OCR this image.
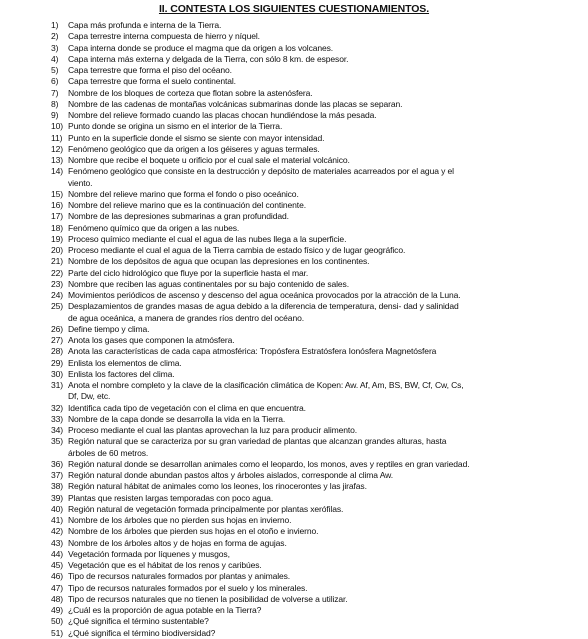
II. CONTESTA LOS SIGUIENTES CUESTIONAMIENTOS.
1)	Capa más profunda e interna de la Tierra.
2)	Capa terrestre interna compuesta de hierro y níquel.
3)	Capa interna donde se produce el magma que da origen a los volcanes.
4)	Capa interna más externa y delgada de la Tierra, con sólo 8 km. de espesor.
5)	Capa terrestre que forma el piso del océano.
6)	Capa terrestre que forma el suelo continental.
7)	Nombre de los bloques de corteza que flotan sobre la astenósfera.
8)	Nombre de las cadenas de montañas volcánicas submarinas donde las placas se separan.
9)	Nombre del relieve formado cuando las placas chocan hundiéndose la más pesada.
10) Punto donde se origina un sismo en el interior de la Tierra.
11) Punto en la superficie donde el sismo se siente con mayor intensidad.
12) Fenómeno geológico que da origen a los géiseres y aguas termales.
13) Nombre que recibe el boquete u orificio por el cual sale el material volcánico.
14) Fenómeno geológico que consiste en la destrucción y depósito de materiales acarreados por el agua y el
viento.
15) Nombre del relieve marino que forma el fondo o piso oceánico.
16) Nombre del relieve marino que es la continuación del continente.
17) Nombre de las depresiones submarinas a gran profundidad.
18) Fenómeno químico que da origen a las nubes.
19) Proceso químico mediante el cual el agua de las nubes llega a la superficie.
20) Proceso mediante el cual el agua de la Tierra cambia de estado físico y de lugar geográfico.
21) Nombre de los depósitos de agua que ocupan las depresiones en los continentes.
22) Parte del ciclo hidrológico que fluye por la superficie hasta el mar.
23) Nombre que reciben las aguas continentales por su bajo contenido de sales.
24) Movimientos periódicos de ascenso y descenso del agua oceánica provocados por la atracción de la Luna.
25) Desplazamientos de grandes masas de agua debido a la diferencia de temperatura, densi- dad y salinidad
de agua oceánica, a manera de grandes ríos dentro del océano.
26) Define tiempo y clima.
27) Anota los gases que componen la atmósfera.
28) Anota las características de cada capa atmosférica: Tropósfera Estratósfera Ionósfera Magnetósfera
29) Enlista los elementos de clima.
30) Enlista los factores del clima.
31) Anota el nombre completo y la clave de la clasificación climática de Kopen: Aw. Af, Am, BS, BW, Cf, Cw, Cs,
Df, Dw, etc.
32) Identifica cada tipo de vegetación con el clima en que encuentra.
33) Nombre de la capa donde se desarrolla la vida en la Tierra.
34) Proceso mediante el cual las plantas aprovechan la luz para producir alimento.
35) Región natural que se caracteriza por su gran variedad de plantas que alcanzan grandes alturas, hasta
árboles de 60 metros.
36) Región natural donde se desarrollan animales como el leopardo, los monos, aves y reptiles en gran variedad.
37) Región natural donde abundan pastos altos y árboles aislados, corresponde al clima Aw.
38) Región natural hábitat de animales como los leones, los rinocerontes y las jirafas.
39) Plantas que resisten largas temporadas con poco agua.
40) Región natural de vegetación formada principalmente por plantas xerófilas.
41) Nombre de los árboles que no pierden sus hojas en invierno.
42) Nombre de los árboles que pierden sus hojas en el otoño e invierno.
43) Nombre de los árboles altos y de hojas en forma de agujas.
44) Vegetación formada por líquenes y musgos,
45) Vegetación que es el hábitat de los renos y caribúes.
46) Tipo de recursos naturales formados por plantas y animales.
47) Tipo de recursos naturales formados por el suelo y los minerales.
48) Tipo de recursos naturales que no tienen la posibilidad de volverse a utilizar.
49) ¿Cuál es la proporción de agua potable en la Tierra?
50) ¿Qué significa el término sustentable?
51) ¿Qué significa el término biodiversidad?
